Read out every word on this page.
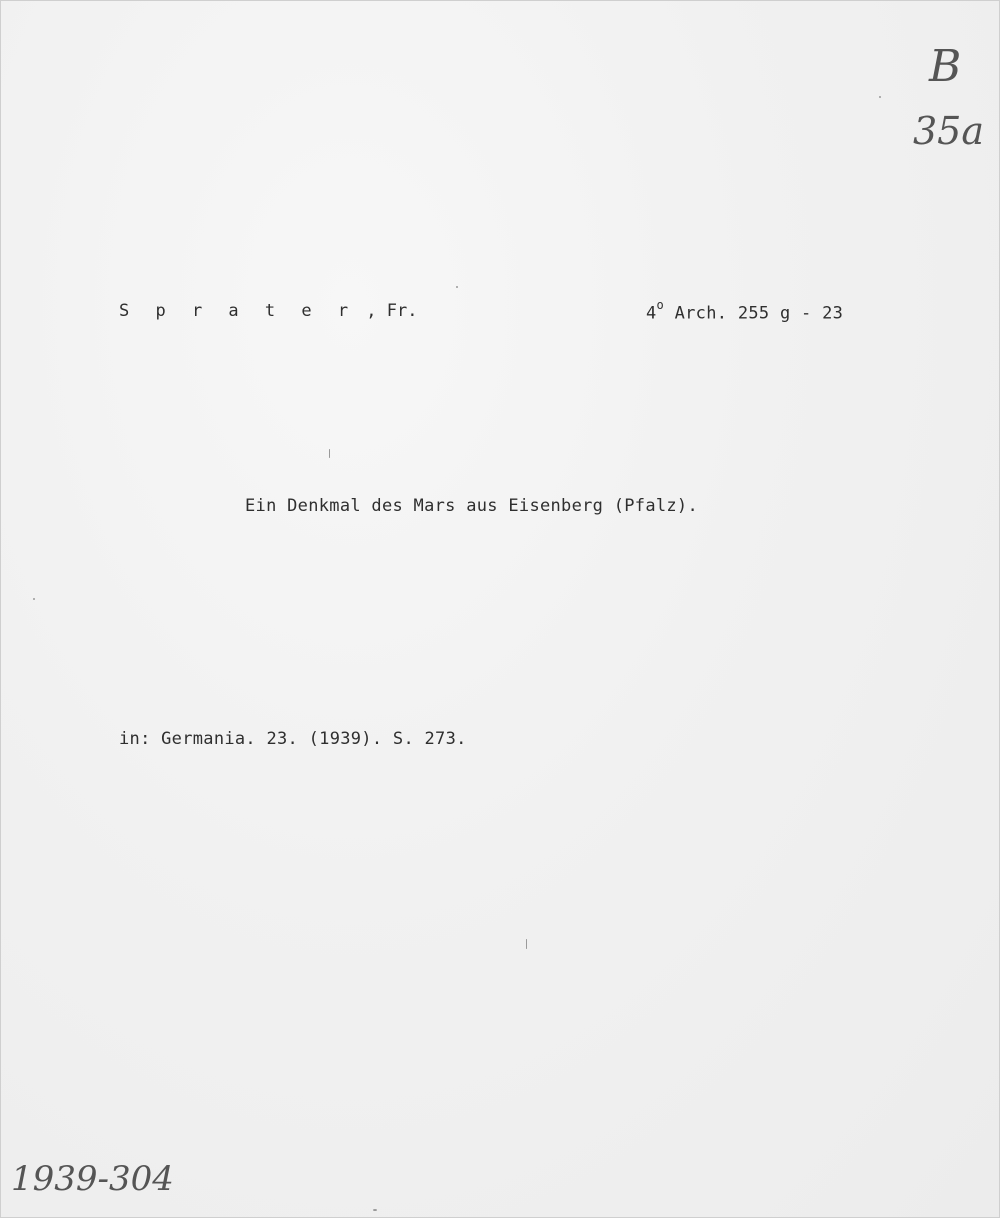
S p r a t e r , Fr.	4$^o$ Arch. 255 g - 23
Ein Denkmal des Mars aus Eisenberg (Pfalz).
in: Germania. 23. (1939). S. 273.
B
35a
1939-304
